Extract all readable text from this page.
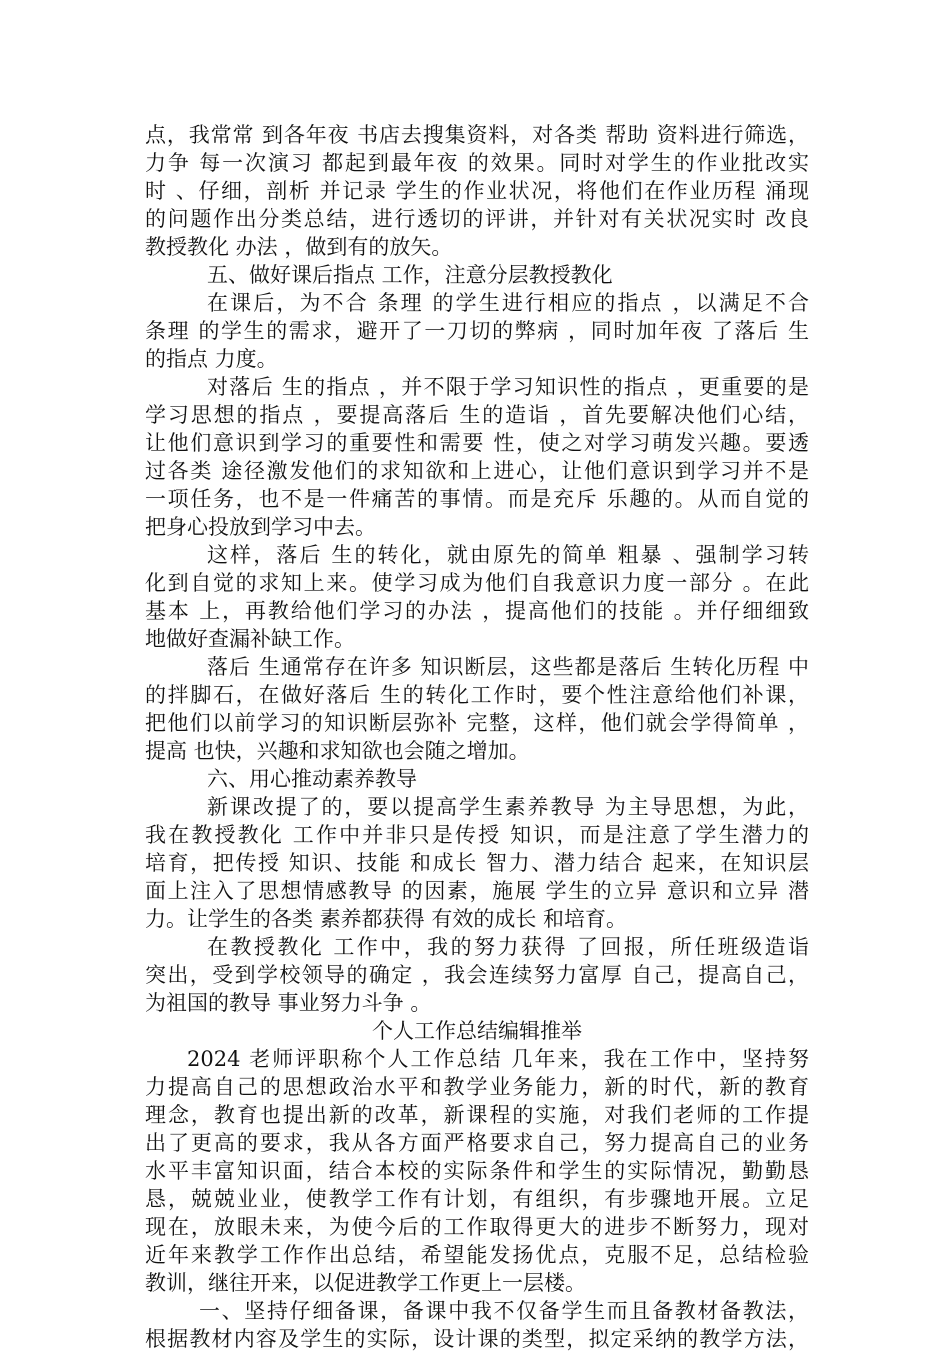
点，我常常 到各年夜 书店去搜集资料，对各类 帮助 资料进行筛选，
力争 每一次演习 都起到最年夜 的效果。同时对学生的作业批改实
时 、仔细，剖析 并记录 学生的作业状况，将他们在作业历程 涌现
的问题作出分类总结，进行透切的评讲，并针对有关状况实时 改良
教授教化 办法 ，做到有的放矢。
五、做好课后指点 工作，注意分层教授教化
在课后，为不合 条理 的学生进行相应的指点 ，以满足不合
条理 的学生的需求，避开了一刀切的弊病 ，同时加年夜 了落后 生
的指点 力度。
对落后 生的指点 ，并不限于学习知识性的指点 ，更重要的是
学习思想的指点 ，要提高落后 生的造诣 ，首先要解决他们心结，
让他们意识到学习的重要性和需要 性，使之对学习萌发兴趣。要透
过各类 途径激发他们的求知欲和上进心，让他们意识到学习并不是
一项任务，也不是一件痛苦的事情。而是充斥 乐趣的。从而自觉的
把身心投放到学习中去。
这样，落后 生的转化，就由原先的简单 粗暴 、强制学习转
化到自觉的求知上来。使学习成为他们自我意识力度一部分 。在此
基本 上，再教给他们学习的办法 ，提高他们的技能 。并仔细细致
地做好查漏补缺工作。
落后 生通常存在许多 知识断层，这些都是落后 生转化历程 中
的拌脚石，在做好落后 生的转化工作时，要个性注意给他们补课，
把他们以前学习的知识断层弥补 完整，这样，他们就会学得简单 ，
提高 也快，兴趣和求知欲也会随之增加。
六、用心推动素养教导
新课改提了的，要以提高学生素养教导 为主导思想，为此，
我在教授教化 工作中并非只是传授 知识，而是注意了学生潜力的
培育，把传授 知识、技能 和成长 智力、潜力结合 起来，在知识层
面上注入了思想情感教导 的因素，施展 学生的立异 意识和立异 潜
力。让学生的各类 素养都获得 有效的成长 和培育。
在教授教化 工作中，我的努力获得 了回报，所任班级造诣
突出，受到学校领导的确定 ，我会连续努力富厚 自己，提高自己，
为祖国的教导 事业努力斗争 。
个人工作总结编辑推举
2024 老师评职称个人工作总结 几年来，我在工作中，坚持努
力提高自己的思想政治水平和教学业务能力，新的时代，新的教育
理念，教育也提出新的改革，新课程的实施，对我们老师的工作提
出了更高的要求，我从各方面严格要求自己，努力提高自己的业务
水平丰富知识面，结合本校的实际条件和学生的实际情况，勤勤恳
恳，兢兢业业，使教学工作有计划，有组织，有步骤地开展。立足
现在，放眼未来，为使今后的工作取得更大的进步不断努力，现对
近年来教学工作作出总结，希望能发扬优点，克服不足，总结检验
教训，继往开来，以促进教学工作更上一层楼。
一、坚持仔细备课，备课中我不仅备学生而且备教材备教法，
根据教材内容及学生的实际，设计课的类型，拟定采纳的教学方法，
